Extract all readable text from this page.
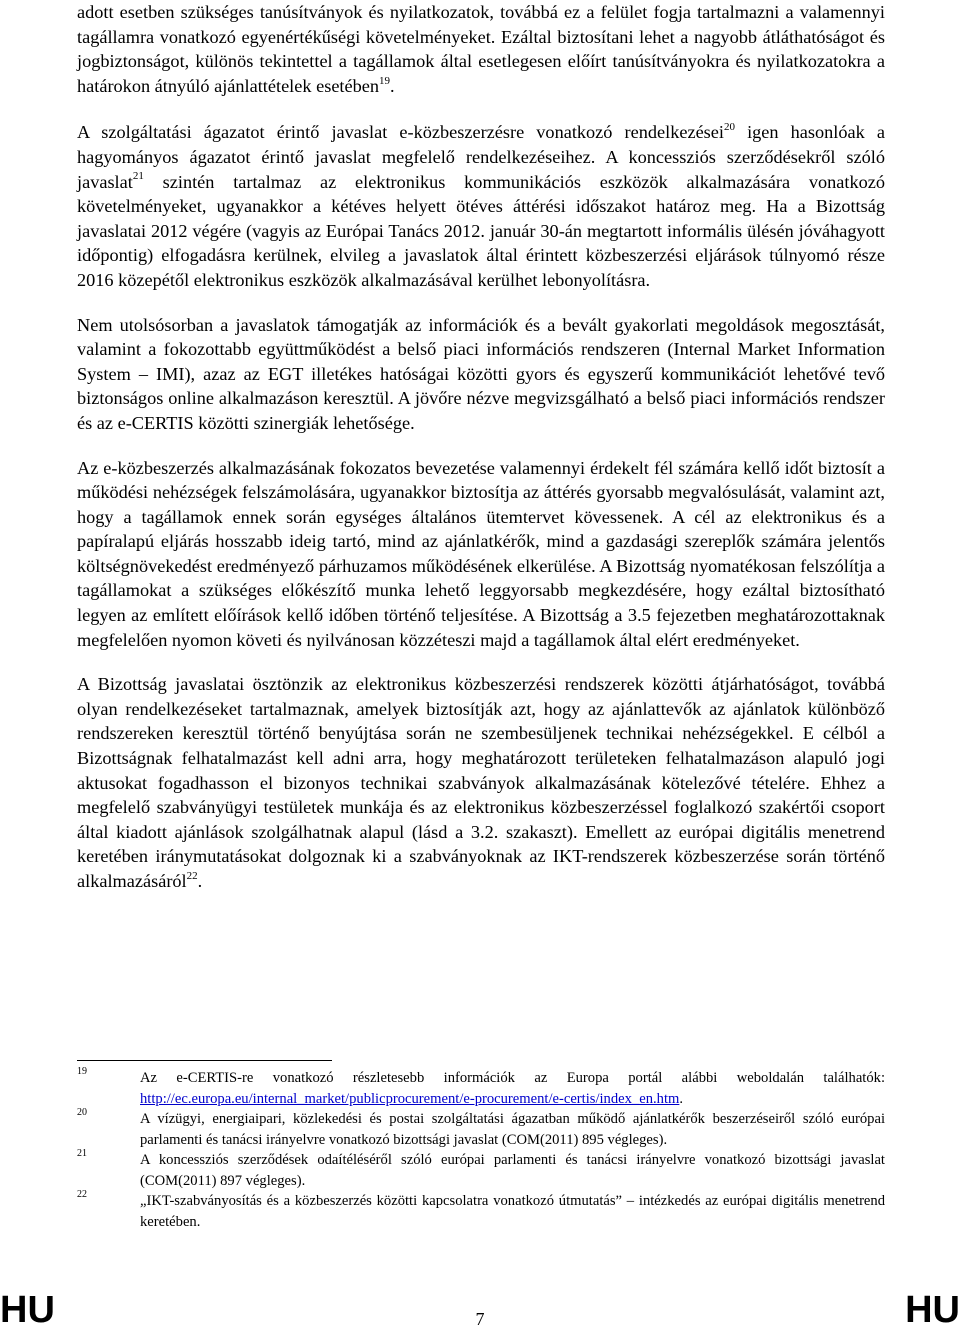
adott esetben szükséges tanúsítványok és nyilatkozatok, továbbá ez a felület fogja tartalmazni a valamennyi tagállamra vonatkozó egyenértékűségi követelményeket. Ezáltal biztosítani lehet a nagyobb átláthatóságot és jogbiztonságot, különös tekintettel a tagállamok által esetlegesen előírt tanúsítványokra és nyilatkozatokra a határokon átnyúló ajánlattételek esetében$^{19}$.

A szolgáltatási ágazatot érintő javaslat e-közbeszerzésre vonatkozó rendelkezései$^{20}$ igen hasonlóak a hagyományos ágazatot érintő javaslat megfelelő rendelkezéseihez. A koncessziós szerződésekről szóló javaslat$^{21}$ szintén tartalmaz az elektronikus kommunikációs eszközök alkalmazására vonatkozó követelményeket, ugyanakkor a kétéves helyett ötéves áttérési időszakot határoz meg. Ha a Bizottság javaslatai 2012 végére (vagyis az Európai Tanács 2012. január 30-án megtartott informális ülésén jóváhagyott időpontig) elfogadásra kerülnek, elvileg a javaslatok által érintett közbeszerzési eljárások túlnyomó része 2016 közepétől elektronikus eszközök alkalmazásával kerülhet lebonyolításra.

Nem utolsósorban a javaslatok támogatják az információk és a bevált gyakorlati megoldások megosztását, valamint a fokozottabb együttműködést a belső piaci információs rendszeren (Internal Market Information System – IMI), azaz az EGT illetékes hatóságai közötti gyors és egyszerű kommunikációt lehetővé tevő biztonságos online alkalmazáson keresztül. A jövőre nézve megvizsgálható a belső piaci információs rendszer és az e-CERTIS közötti szinergiák lehetősége.

Az e-közbeszerzés alkalmazásának fokozatos bevezetése valamennyi érdekelt fél számára kellő időt biztosít a működési nehézségek felszámolására, ugyanakkor biztosítja az áttérés gyorsabb megvalósulását, valamint azt, hogy a tagállamok ennek során egységes általános ütemtervet kövessenek. A cél az elektronikus és a papíralapú eljárás hosszabb ideig tartó, mind az ajánlatkérők, mind a gazdasági szereplők számára jelentős költségnövekedést eredményező párhuzamos működésének elkerülése. A Bizottság nyomatékosan felszólítja a tagállamokat a szükséges előkészítő munka lehető leggyorsabb megkezdésére, hogy ezáltal biztosítható legyen az említett előírások kellő időben történő teljesítése. A Bizottság a 3.5 fejezetben meghatározottaknak megfelelően nyomon követi és nyilvánosan közzéteszi majd a tagállamok által elért eredményeket.

A Bizottság javaslatai ösztönzik az elektronikus közbeszerzési rendszerek közötti átjárhatóságot, továbbá olyan rendelkezéseket tartalmaznak, amelyek biztosítják azt, hogy az ajánlattevők az ajánlatok különböző rendszereken keresztül történő benyújtása során ne szembesüljenek technikai nehézségekkel. E célból a Bizottságnak felhatalmazást kell adni arra, hogy meghatározott területeken felhatalmazáson alapuló jogi aktusokat fogadhasson el bizonyos technikai szabványok alkalmazásának kötelezővé tételére. Ehhez a megfelelő szabványügyi testületek munkája és az elektronikus közbeszerzéssel foglalkozó szakértői csoport által kiadott ajánlások szolgálhatnak alapul (lásd a 3.2. szakaszt). Emellett az európai digitális menetrend keretében iránymutatásokat dolgoznak ki a szabványoknak az IKT-rendszerek közbeszerzése során történő alkalmazásáról$^{22}$.

19	Az e-CERTIS-re vonatkozó részletesebb információk az Europa portál alábbi weboldalán találhatók: http://ec.europa.eu/internal_market/publicprocurement/e-procurement/e-certis/index_en.htm.
20	A vízügyi, energiaipari, közlekedési és postai szolgáltatási ágazatban működő ajánlatkérők beszerzéseiről szóló európai parlamenti és tanácsi irányelvre vonatkozó bizottsági javaslat (COM(2011) 895 végleges).
21	A koncessziós szerződések odaítéléséről szóló európai parlamenti és tanácsi irányelvre vonatkozó bizottsági javaslat (COM(2011) 897 végleges).
22	„IKT-szabványosítás és a közbeszerzés közötti kapcsolatra vonatkozó útmutatás” – intézkedés az európai digitális menetrend keretében.
HU	7	HU
